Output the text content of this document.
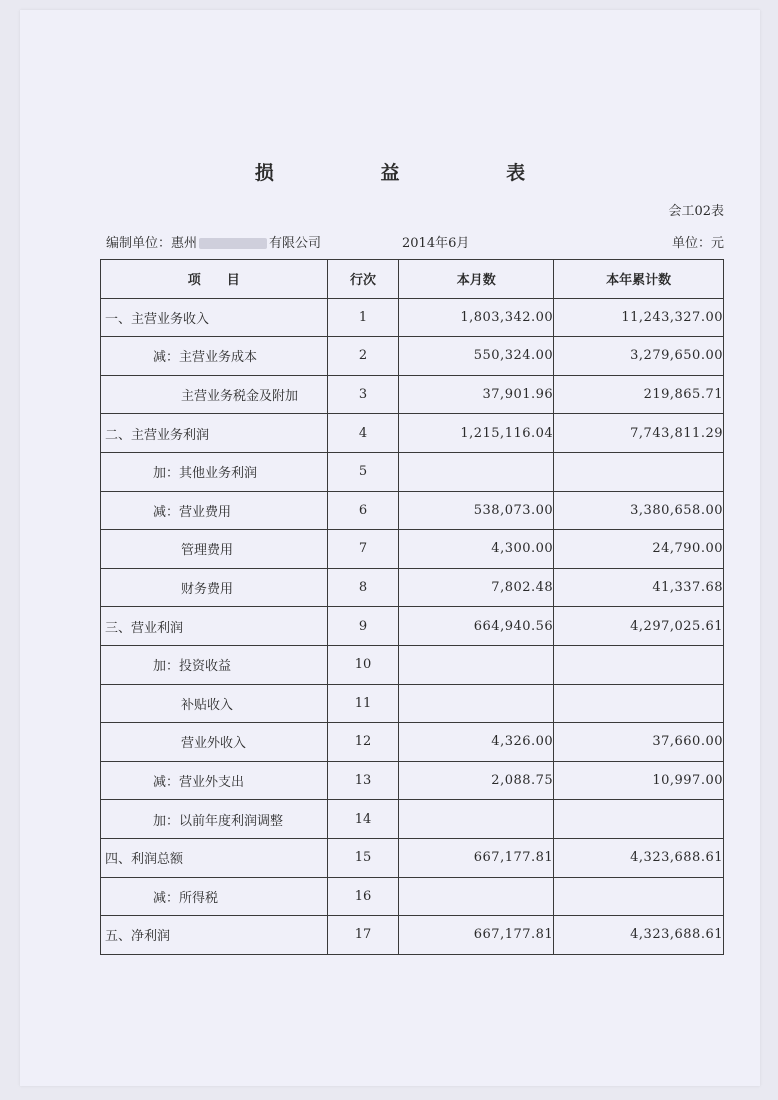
损 益 表
会工02表
编制单位：惠州	有限公司	2014年6月	单位：元
项　　目	行次	本月数	本年累计数
一、主营业务收入	1	1,803,342.00	11,243,327.00
减：主营业务成本	2	550,324.00	3,279,650.00
主营业务税金及附加	3	37,901.96	219,865.71
二、主营业务利润	4	1,215,116.04	7,743,811.29
加：其他业务利润	5		
减：营业费用	6	538,073.00	3,380,658.00
管理费用	7	4,300.00	24,790.00
财务费用	8	7,802.48	41,337.68
三、营业利润	9	664,940.56	4,297,025.61
加：投资收益	10		
补贴收入	11		
营业外收入	12	4,326.00	37,660.00
减：营业外支出	13	2,088.75	10,997.00
加：以前年度利润调整	14		
四、利润总额	15	667,177.81	4,323,688.61
减：所得税	16		
五、净利润	17	667,177.81	4,323,688.61
